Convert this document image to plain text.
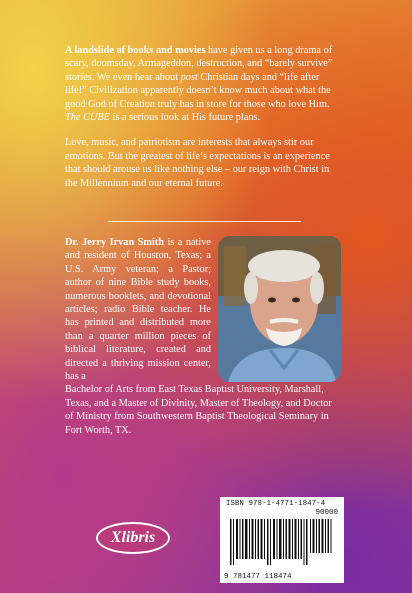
A landslide of books and movies have given us a long drama of scary, doomsday, Armageddon, destruction, and “barely survive” stories. We even hear about post Christian days and “life after life!” Civilization apparently doesn’t know much about what the good God of Creation truly has in store for those who love Him. The CUBE is a serious look at His future plans.

Love, music, and patriotism are interests that always stir our emotions. But the greatest of life’s expectations is an experience that should arouse us like nothing else – our reign with Christ in the Millennium and our eternal future.

Dr. Jerry Irvan Smith is a native and resident of Houston, Texas; a U.S. Army veteran; a Pastor; author of nine Bible study books, numerous booklets, and devotional articles; radio Bible teacher. He has printed and distributed more than a quarter million pieces of biblical literature, created and directed a thriving mission center, has a
Bachelor of Arts from East Texas Baptist University, Marshall, Texas, and a Master of Divinity, Master of Theology, and Doctor of Ministry from Southwestern Baptist Theological Seminary in Fort Worth, TX.
Xlibris
ISBN 978-1-4771-1847-4
90000
9 781477 118474
